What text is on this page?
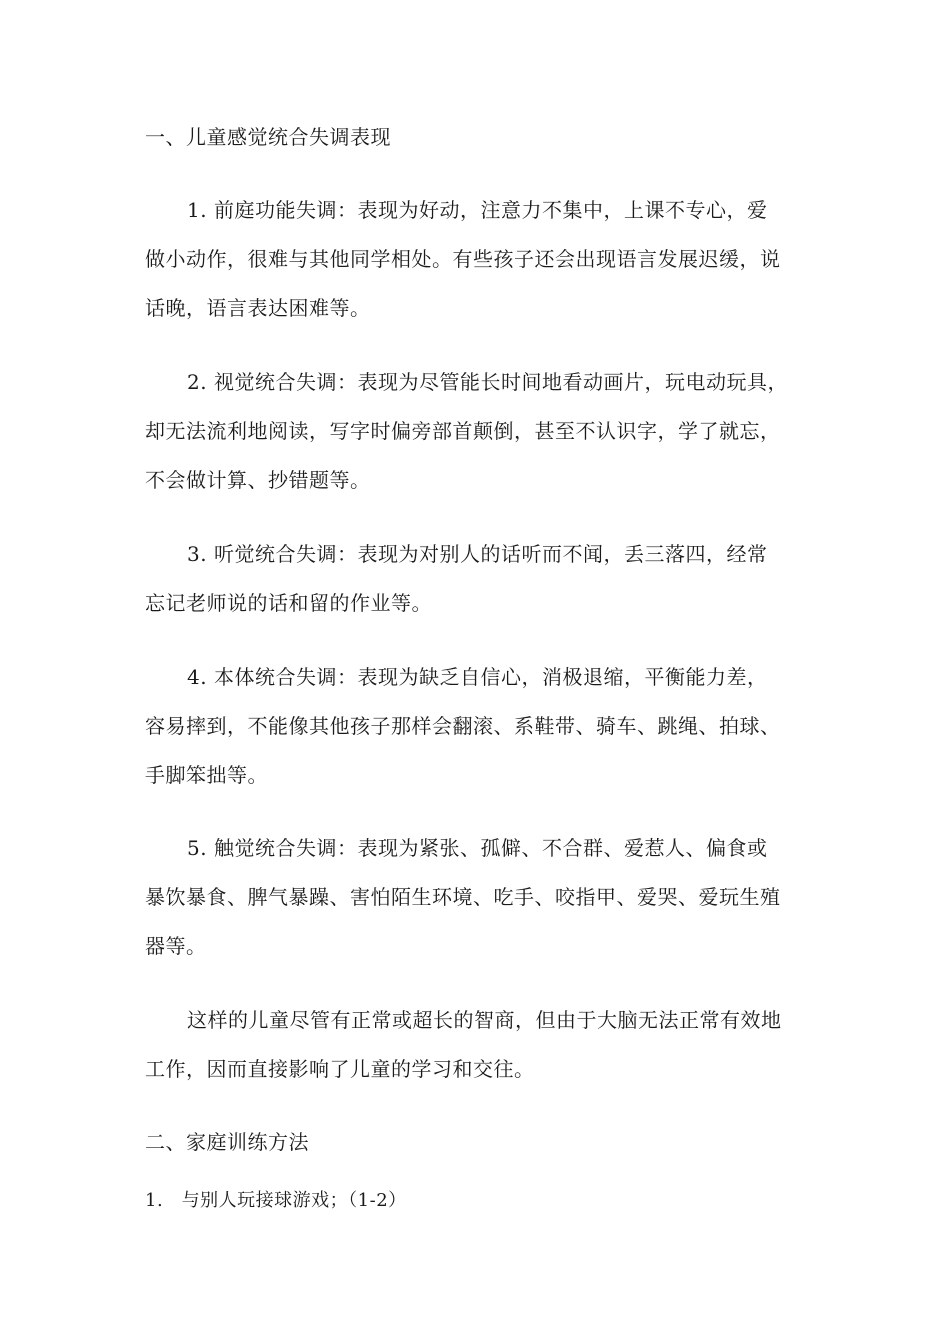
一、儿童感觉统合失调表现
1. 前庭功能失调：表现为好动，注意力不集中，上课不专心，爱
做小动作，很难与其他同学相处。有些孩子还会出现语言发展迟缓，说
话晚，语言表达困难等。
2. 视觉统合失调：表现为尽管能长时间地看动画片，玩电动玩具，
却无法流利地阅读，写字时偏旁部首颠倒，甚至不认识字，学了就忘，
不会做计算、抄错题等。
3. 听觉统合失调：表现为对别人的话听而不闻，丢三落四，经常
忘记老师说的话和留的作业等。
4. 本体统合失调：表现为缺乏自信心，消极退缩，平衡能力差，
容易摔到，不能像其他孩子那样会翻滚、系鞋带、骑车、跳绳、拍球、
手脚笨拙等。
5. 触觉统合失调：表现为紧张、孤僻、不合群、爱惹人、偏食或
暴饮暴食、脾气暴躁、害怕陌生环境、吃手、咬指甲、爱哭、爱玩生殖
器等。
这样的儿童尽管有正常或超长的智商，但由于大脑无法正常有效地
工作，因而直接影响了儿童的学习和交往。
二、家庭训练方法
1.　与别人玩接球游戏；（1-2）
